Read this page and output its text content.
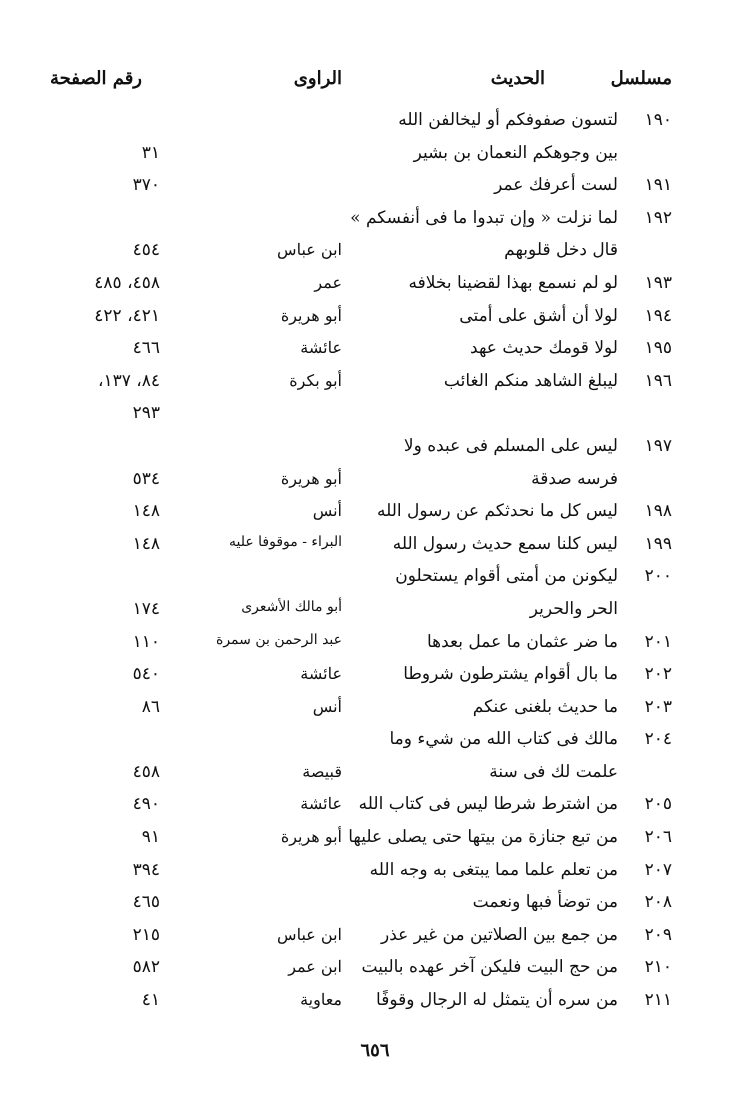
مسلسل
الحديث
الراوى
رقم الصفحة
١٩٠
لتسون صفوفكم أو ليخالفن الله
بين وجوهكم النعمان بن بشير
٣١
١٩١
لست أعرفك عمر
٣٧٠
١٩٢
لما نزلت « وإن تبدوا ما فى أنفسكم »
قال دخل قلوبهم
ابن عباس
٤٥٤
١٩٣
لو لم نسمع بهذا لقضينا بخلافه
عمر
٤٥٨، ٤٨٥
١٩٤
لولا أن أشق على أمتى
أبو هريرة
٤٢١، ٤٢٢
١٩٥
لولا قومك حديث عهد
عائشة
٤٦٦
١٩٦
ليبلغ الشاهد منكم الغائب
أبو بكرة
٨٤، ١٣٧،
٢٩٣
١٩٧
ليس على المسلم فى عبده ولا
فرسه صدقة
أبو هريرة
٥٣٤
١٩٨
ليس كل ما نحدثكم عن رسول الله
أنس
١٤٨
١٩٩
ليس كلنا سمع حديث رسول الله
البراء - موقوفا عليه
١٤٨
٢٠٠
ليكونن من أمتى أقوام يستحلون
الحر والحرير
أبو مالك الأشعرى
١٧٤
٢٠١
ما ضر عثمان ما عمل بعدها
عبد الرحمن بن سمرة
١١٠
٢٠٢
ما بال أقوام يشترطون شروطا
عائشة
٥٤٠
٢٠٣
ما حديث بلغنى عنكم
أنس
٨٦
٢٠٤
مالك فى كتاب الله من شيء وما
علمت لك فى سنة
قبيصة
٤٥٨
٢٠٥
من اشترط شرطا ليس فى كتاب الله
عائشة
٤٩٠
٢٠٦
من تبع جنازة من بيتها حتى يصلى عليها
أبو هريرة
٩١
٢٠٧
من تعلم علما مما يبتغى به وجه الله
٣٩٤
٢٠٨
من توضأ فبها ونعمت
٤٦٥
٢٠٩
من جمع بين الصلاتين من غير عذر
ابن عباس
٢١٥
٢١٠
من حج البيت فليكن آخر عهده بالبيت
ابن عمر
٥٨٢
٢١١
من سره أن يتمثل له الرجال وقوفًا
معاوية
٤١
٦٥٦
